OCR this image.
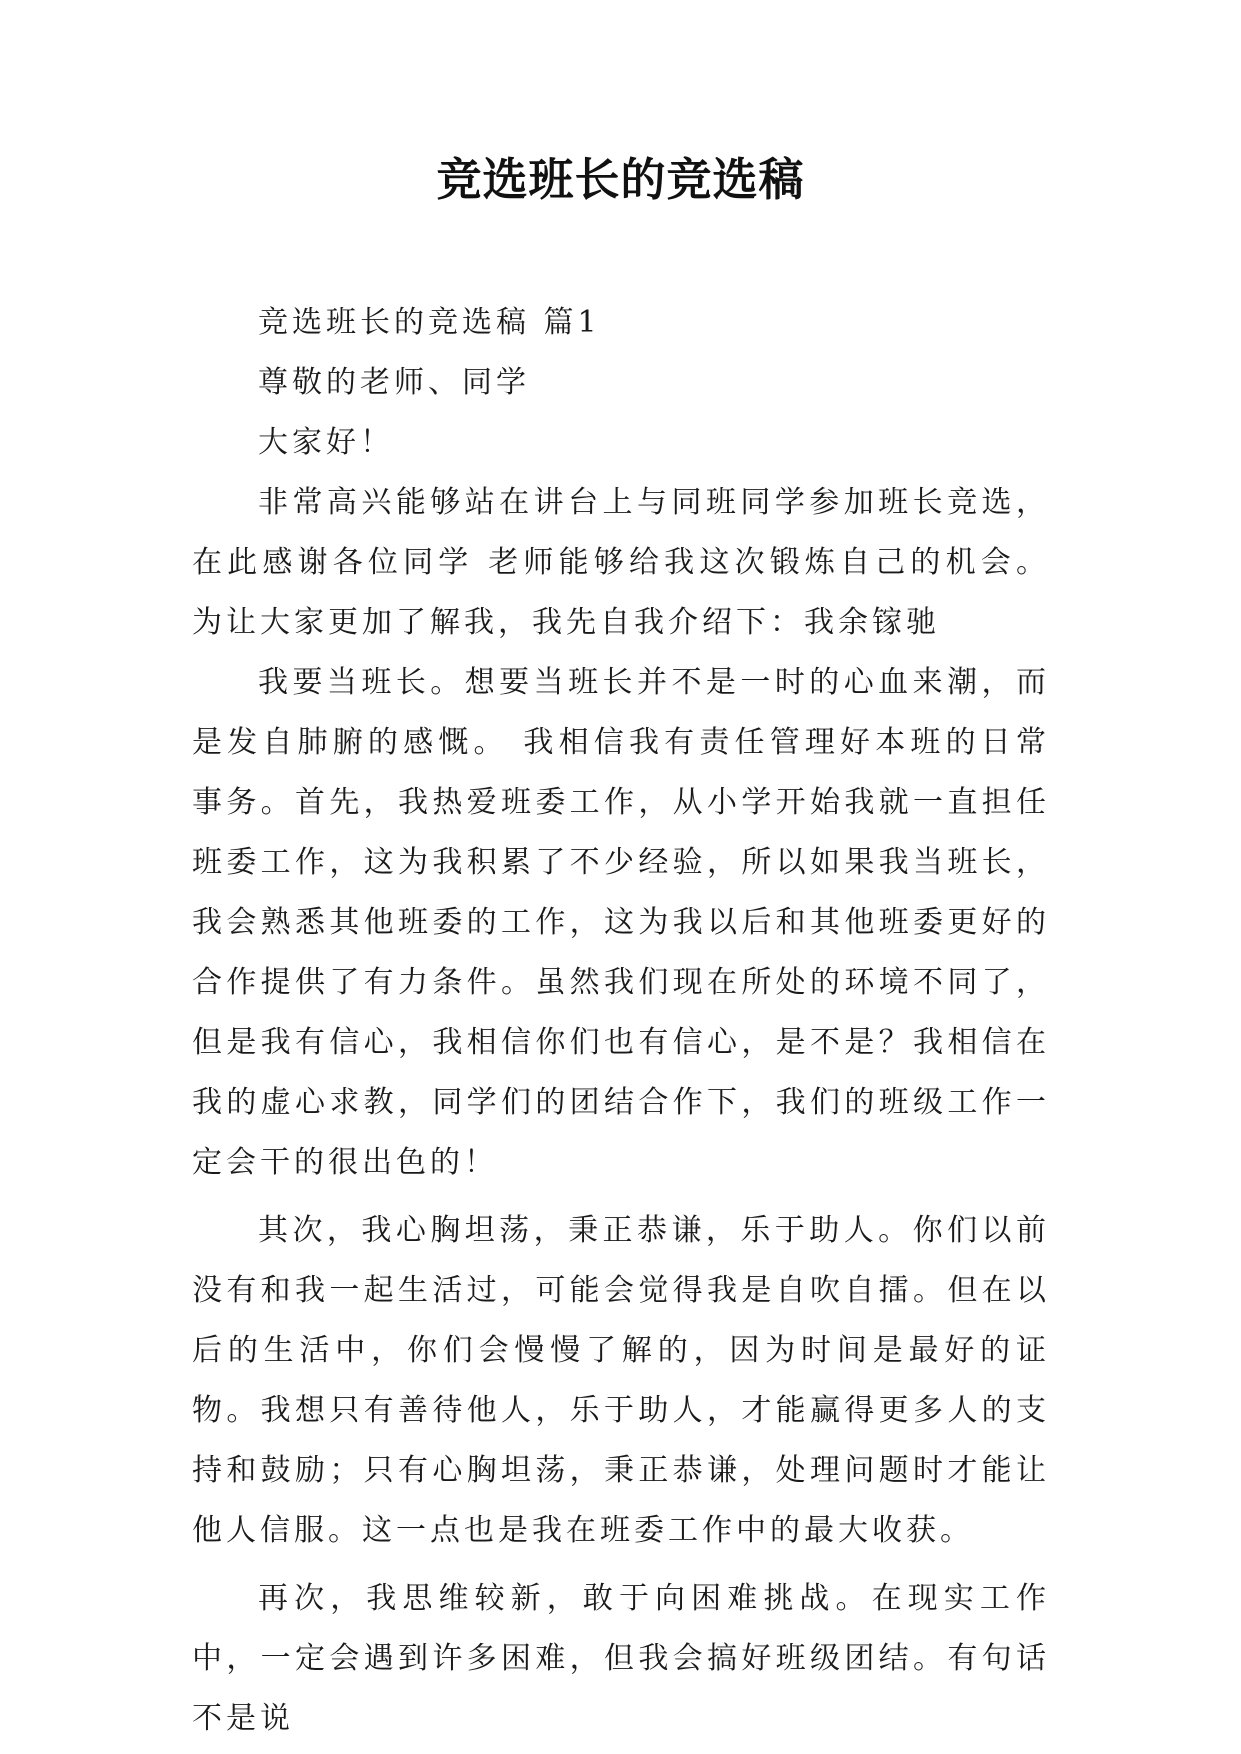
竞选班长的竞选稿

竞选班长的竞选稿 篇1

尊敬的老师、同学

大家好！

非常高兴能够站在讲台上与同班同学参加班长竞选，在此感谢各位同学 老师能够给我这次锻炼自己的机会。为让大家更加了解我，我先自我介绍下：我余镓驰

我要当班长。想要当班长并不是一时的心血来潮，而是发自肺腑的感慨。 我相信我有责任管理好本班的日常事务。首先，我热爱班委工作，从小学开始我就一直担任班委工作，这为我积累了不少经验，所以如果我当班长，我会熟悉其他班委的工作，这为我以后和其他班委更好的合作提供了有力条件。虽然我们现在所处的环境不同了，但是我有信心，我相信你们也有信心，是不是？我相信在我的虚心求教，同学们的团结合作下，我们的班级工作一定会干的很出色的！

其次，我心胸坦荡，秉正恭谦，乐于助人。你们以前没有和我一起生活过，可能会觉得我是自吹自擂。但在以后的生活中，你们会慢慢了解的，因为时间是最好的证物。我想只有善待他人，乐于助人，才能赢得更多人的支持和鼓励；只有心胸坦荡，秉正恭谦，处理问题时才能让他人信服。这一点也是我在班委工作中的最大收获。

再次，我思维较新，敢于向困难挑战。在现实工作中，一定会遇到许多困难，但我会搞好班级团结。有句话不是说
